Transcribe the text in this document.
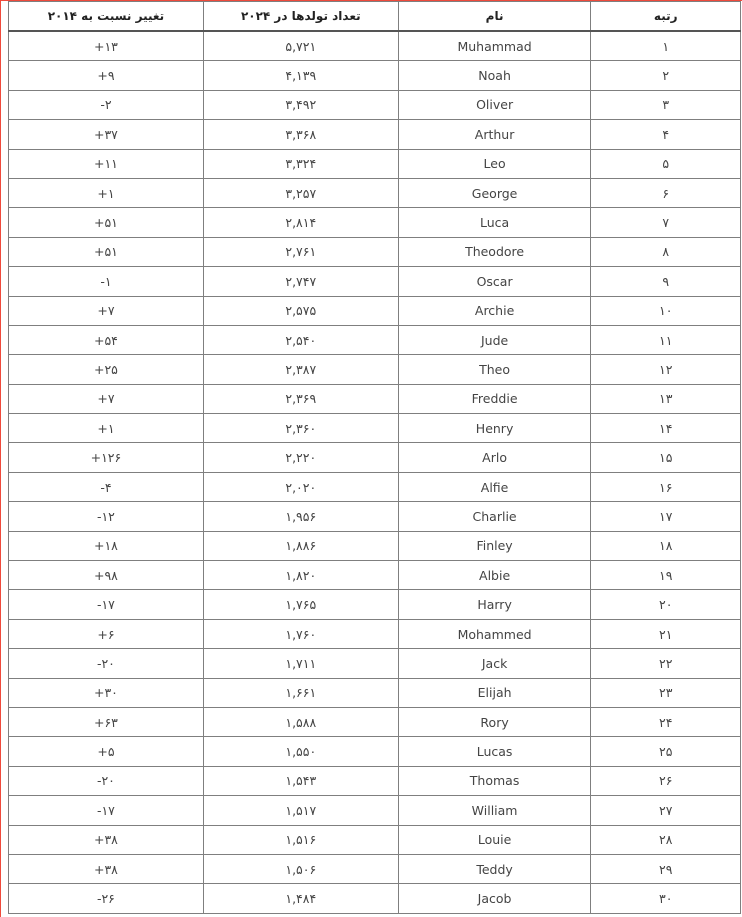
رتبه	نام	تعداد تولدها در ۲۰۲۴	تغییر نسبت به ۲۰۱۴
۱	Muhammad	۵,۷۲۱	۱۳+
۲	Noah	۴,۱۳۹	۹+
۳	Oliver	۳,۴۹۲	۲-
۴	Arthur	۳,۳۶۸	۳۷+
۵	Leo	۳,۳۲۴	۱۱+
۶	George	۳,۲۵۷	۱+
۷	Luca	۲,۸۱۴	۵۱+
۸	Theodore	۲,۷۶۱	۵۱+
۹	Oscar	۲,۷۴۷	۱-
۱۰	Archie	۲,۵۷۵	۷+
۱۱	Jude	۲,۵۴۰	۵۴+
۱۲	Theo	۲,۳۸۷	۲۵+
۱۳	Freddie	۲,۳۶۹	۷+
۱۴	Henry	۲,۳۶۰	۱+
۱۵	Arlo	۲,۲۲۰	۱۲۶+
۱۶	Alfie	۲,۰۲۰	۴-
۱۷	Charlie	۱,۹۵۶	۱۲-
۱۸	Finley	۱,۸۸۶	۱۸+
۱۹	Albie	۱,۸۲۰	۹۸+
۲۰	Harry	۱,۷۶۵	۱۷-
۲۱	Mohammed	۱,۷۶۰	۶+
۲۲	Jack	۱,۷۱۱	۲۰-
۲۳	Elijah	۱,۶۶۱	۳۰+
۲۴	Rory	۱,۵۸۸	۶۳+
۲۵	Lucas	۱,۵۵۰	۵+
۲۶	Thomas	۱,۵۴۳	۲۰-
۲۷	William	۱,۵۱۷	۱۷-
۲۸	Louie	۱,۵۱۶	۳۸+
۲۹	Teddy	۱,۵۰۶	۳۸+
۳۰	Jacob	۱,۴۸۴	۲۶-
